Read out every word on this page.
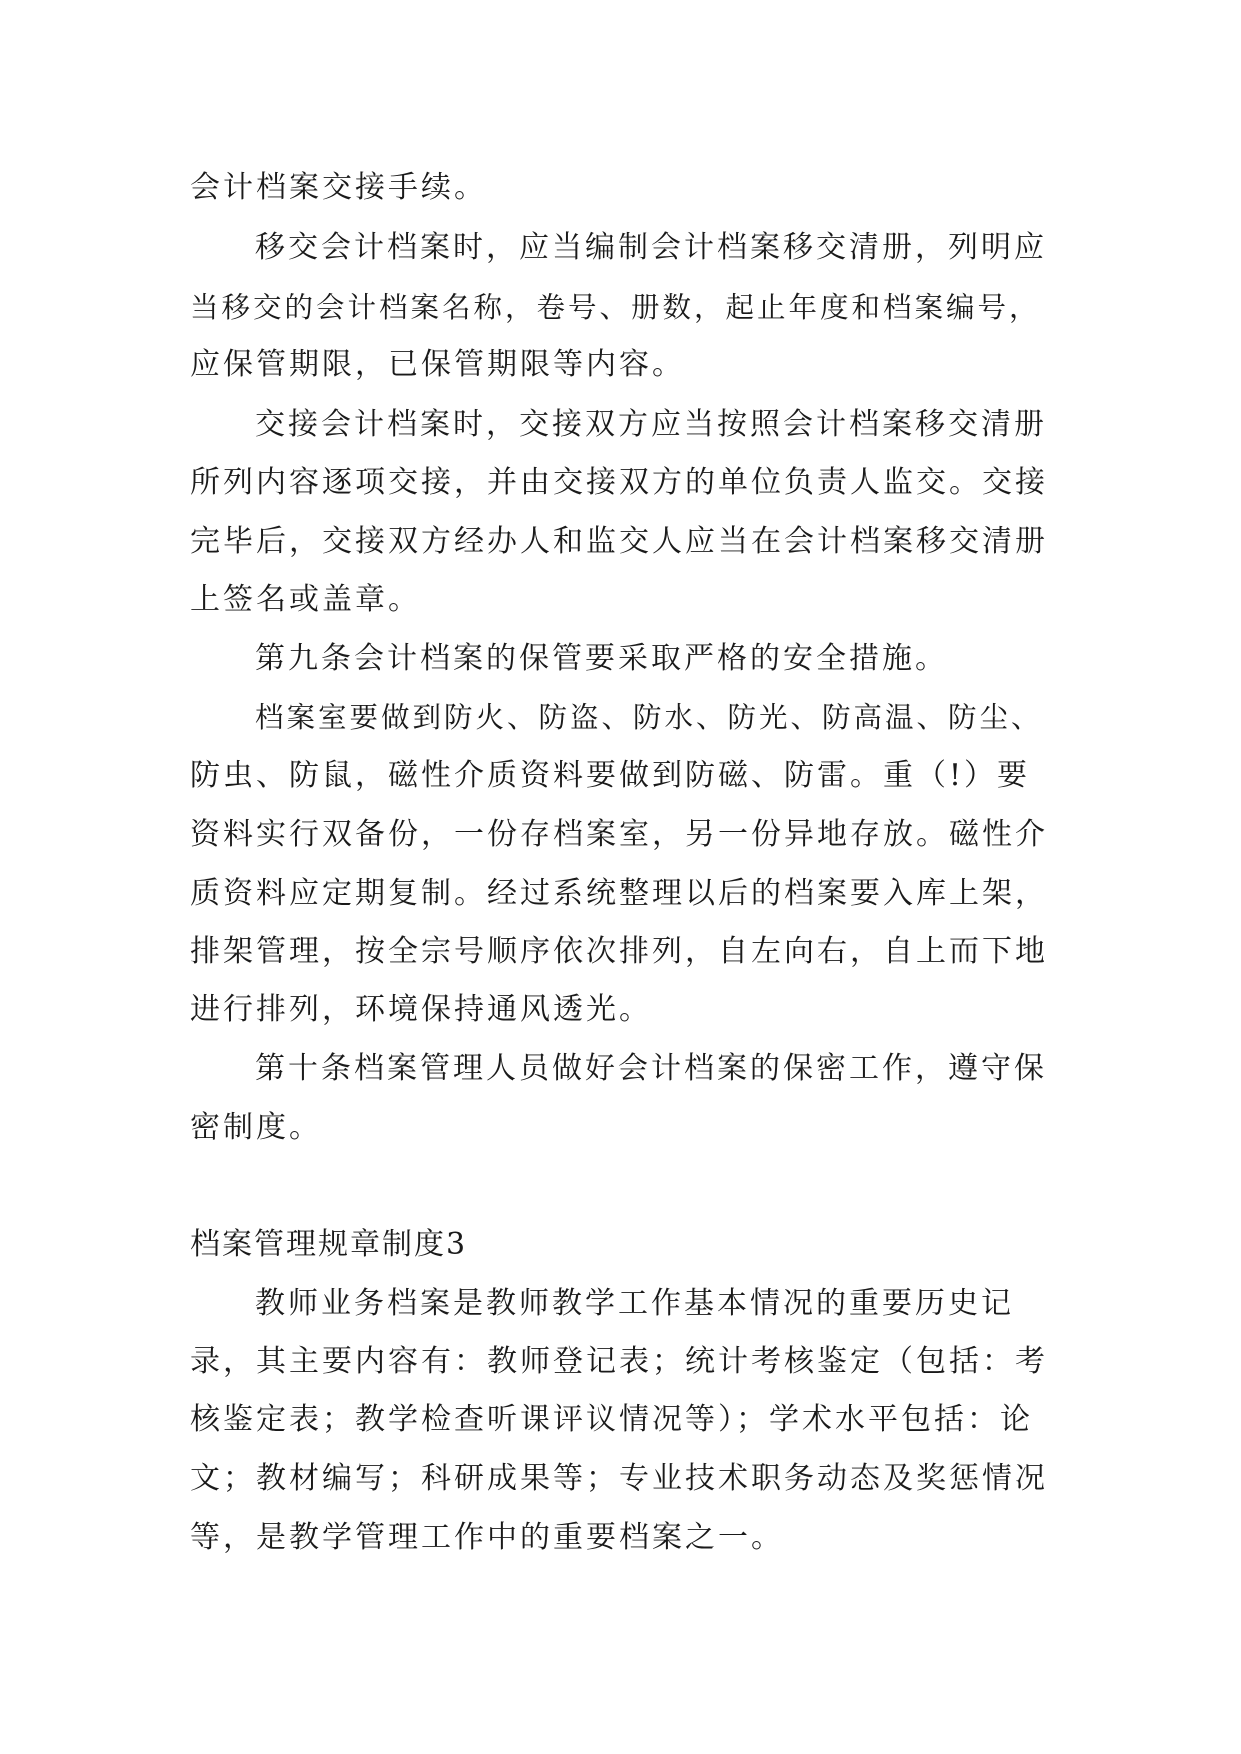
会计档案交接手续。
移交会计档案时，应当编制会计档案移交清册，列明应
当移交的会计档案名称，卷号、册数，起止年度和档案编号，
应保管期限，已保管期限等内容。
交接会计档案时，交接双方应当按照会计档案移交清册
所列内容逐项交接，并由交接双方的单位负责人监交。交接
完毕后，交接双方经办人和监交人应当在会计档案移交清册
上签名或盖章。
第九条会计档案的保管要采取严格的安全措施。
档案室要做到防火、防盗、防水、防光、防高温、防尘、
防虫、防鼠，磁性介质资料要做到防磁、防雷。重（!）要
资料实行双备份，一份存档案室，另一份异地存放。磁性介
质资料应定期复制。经过系统整理以后的档案要入库上架，
排架管理，按全宗号顺序依次排列，自左向右，自上而下地
进行排列，环境保持通风透光。
第十条档案管理人员做好会计档案的保密工作，遵守保
密制度。
档案管理规章制度3
教师业务档案是教师教学工作基本情况的重要历史记
录，其主要内容有：教师登记表；统计考核鉴定（包括：考
核鉴定表；教学检查听课评议情况等）；学术水平包括：论
文；教材编写；科研成果等；专业技术职务动态及奖惩情况
等，是教学管理工作中的重要档案之一。
